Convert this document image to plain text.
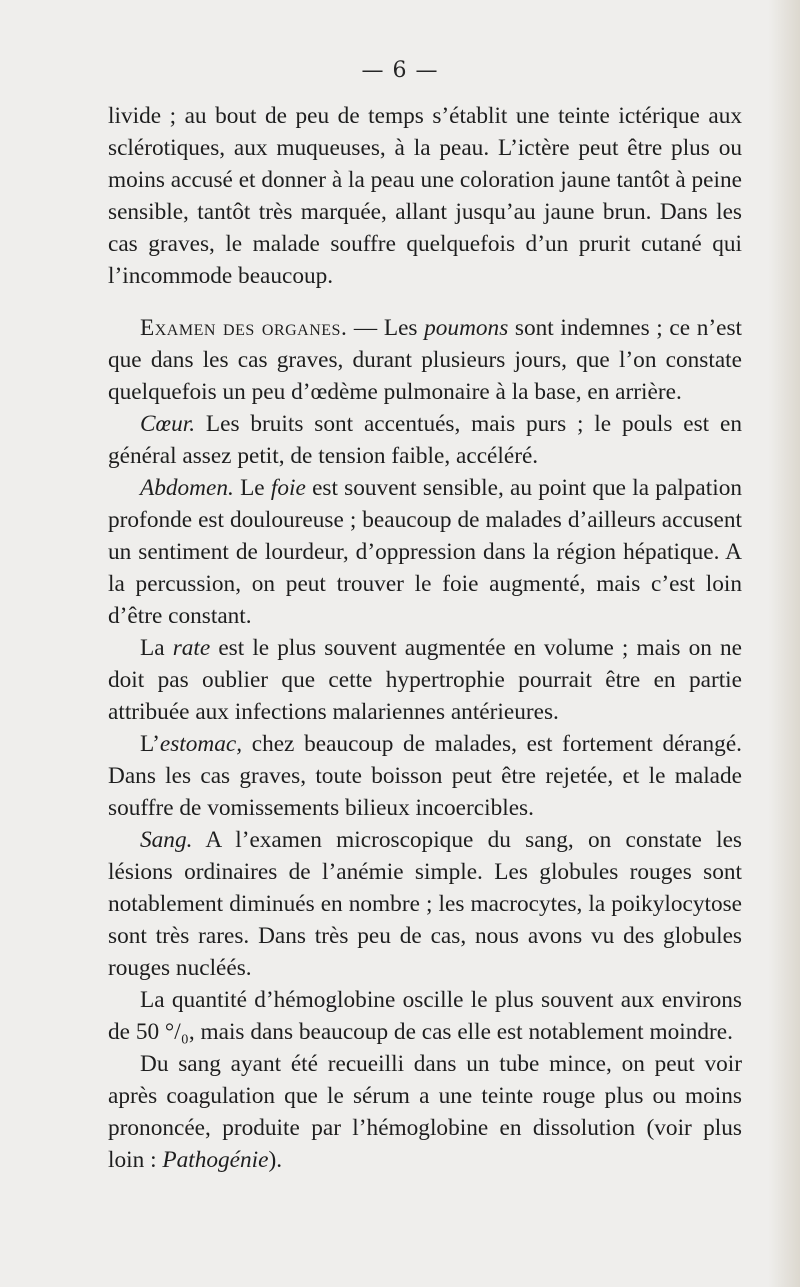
— 6 —

livide ; au bout de peu de temps s’établit une teinte ictérique aux sclérotiques, aux muqueuses, à la peau. L’ictère peut être plus ou moins accusé et donner à la peau une coloration jaune tantôt à peine sensible, tantôt très marquée, allant jusqu’au jaune brun. Dans les cas graves, le malade souffre quelquefois d’un prurit cutané qui l’incommode beaucoup.

Examen des organes. — Les poumons sont indemnes ; ce n’est que dans les cas graves, durant plusieurs jours, que l’on constate quelquefois un peu d’œdème pulmonaire à la base, en arrière.

Cœur. Les bruits sont accentués, mais purs ; le pouls est en général assez petit, de tension faible, accéléré.

Abdomen. Le foie est souvent sensible, au point que la palpation profonde est douloureuse ; beaucoup de malades d’ailleurs accusent un sentiment de lourdeur, d’oppression dans la région hépatique. A la percussion, on peut trouver le foie augmenté, mais c’est loin d’être constant.

La rate est le plus souvent augmentée en volume ; mais on ne doit pas oublier que cette hypertrophie pourrait être en partie attribuée aux infections malariennes antérieures.

L’estomac, chez beaucoup de malades, est fortement dérangé. Dans les cas graves, toute boisson peut être rejetée, et le malade souffre de vomissements bilieux incoercibles.

Sang. A l’examen microscopique du sang, on constate les lésions ordinaires de l’anémie simple. Les globules rouges sont notablement diminués en nombre ; les macrocytes, la poikylocytose sont très rares. Dans très peu de cas, nous avons vu des globules rouges nucléés.

La quantité d’hémoglobine oscille le plus souvent aux environs de 50 °/₀, mais dans beaucoup de cas elle est notablement moindre.

Du sang ayant été recueilli dans un tube mince, on peut voir après coagulation que le sérum a une teinte rouge plus ou moins prononcée, produite par l’hémoglobine en dissolution (voir plus loin : Pathogénie).
